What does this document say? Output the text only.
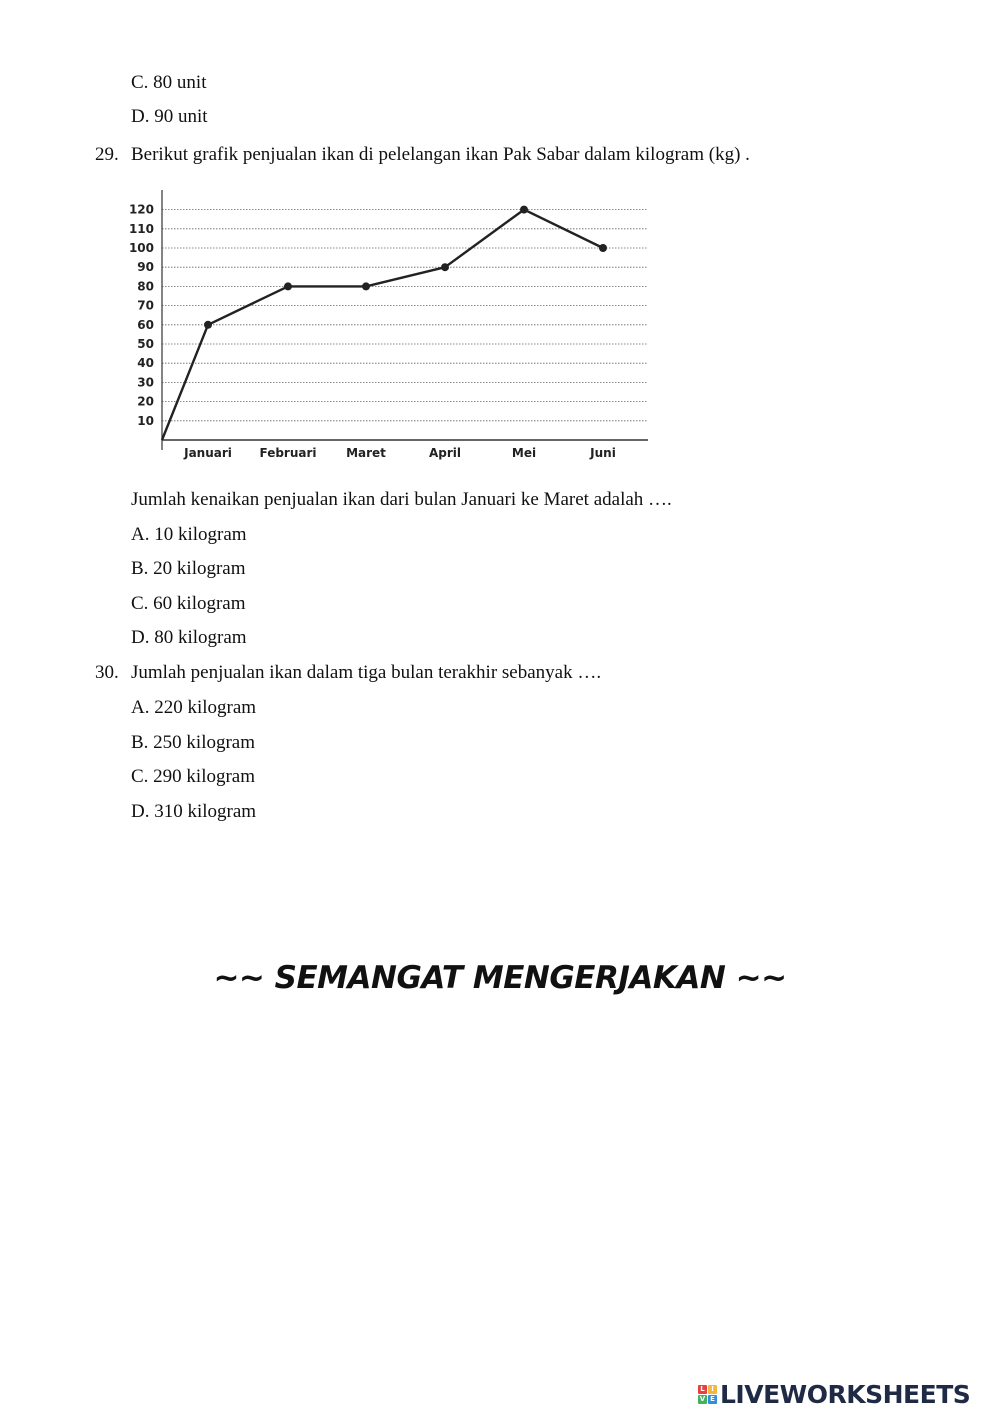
C. 80 unit
D. 90 unit
29. Berikut grafik penjualan ikan di pelelangan ikan Pak Sabar dalam kilogram (kg) .
10
20
30
40
50
60
70
80
90
100
110
120
Januari Februari Maret	April	Mei	Juni
Jumlah kenaikan penjualan ikan dari bulan Januari ke Maret adalah ….
A. 10 kilogram
B. 20 kilogram
C. 60 kilogram
D. 80 kilogram
30. Jumlah penjualan ikan dalam tiga bulan terakhir sebanyak ….
A. 220 kilogram
B. 250 kilogram
C. 290 kilogram
D. 310 kilogram
~~ SEMANGAT MENGERJAKAN ~~
L I
V E LIVEWORKSHEETS
